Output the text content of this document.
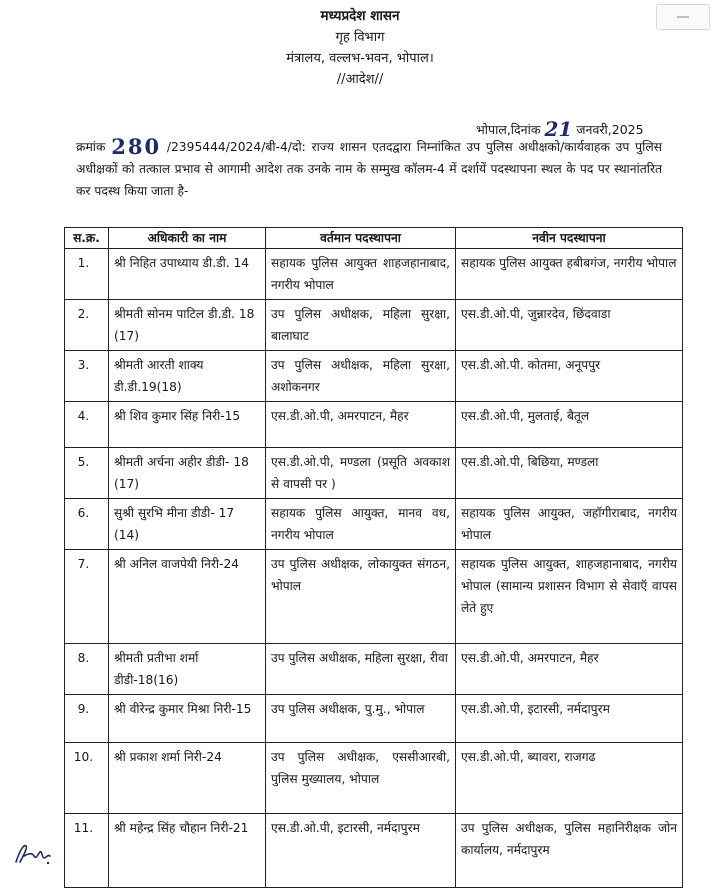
मध्यप्रदेश शासन
गृह विभाग
मंत्रालय, वल्लभ-भवन, भोपाल।
//आदेश//
भोपाल,दिनांक 21 जनवरी,2025
क्रमांक 280 /2395444/2024/बी-4/दो: राज्य शासन एतदद्वारा निम्नांकित उप पुलिस अधीक्षको/कार्यवाहक उप पुलिस अधीक्षकों को तत्काल प्रभाव से आगामी आदेश तक उनके नाम के सम्मुख कॉलम-4 में दर्शायें पदस्थापना स्थल के पद पर स्थानांतरित कर पदस्थ किया जाता है-
स.क्र.	अधिकारी का नाम	वर्तमान पदस्थापना	नवीन पदस्थापना
1.	श्री निहित उपाध्याय डी.डी. 14	सहायक पुलिस आयुक्त शाहजहानाबाद, नगरीय भोपाल	सहायक पुलिस आयुक्त हबीबगंज, नगरीय भोपाल
2.	श्रीमती सोनम पाटिल डी.डी. 18 (17)	उप पुलिस अधीक्षक, महिला सुरक्षा, बालाघाट	एस.डी.ओ.पी, जुन्नारदेव, छिंदवाडा
3.	श्रीमती आरती शाक्य डी.डी.19(18)	उप पुलिस अधीक्षक, महिला सुरक्षा, अशोकनगर	एस.डी.ओ.पी. कोतमा, अनूपपुर
4.	श्री शिव कुमार सिंह निरी-15	एस.डी.ओ.पी, अमरपाटन, मैहर	एस.डी.ओ.पी, मुलताई, बैतूल
5.	श्रीमती अर्चना अहीर डीडी- 18 (17)	एस.डी.ओ.पी, मण्डला (प्रसूति अवकाश से वापसी पर )	एस.डी.ओ.पी, बिछिया, मण्डला
6.	सुश्री सुरभि मीना डीडी- 17 (14)	सहायक पुलिस आयुक्त, मानव वध, नगरीय भोपाल	सहायक पुलिस आयुक्त, जहॉगीराबाद, नगरीय भोपाल
7.	श्री अनिल वाजपेयी निरी-24	उप पुलिस अधीक्षक, लोकायुक्त संगठन, भोपाल	सहायक पुलिस आयुक्त, शाहजहानाबाद, नगरीय भोपाल (सामान्य प्रशासन विभाग से सेवाऍ वापस लेते हुए
8.	श्रीमती प्रतीभा शर्मा डीडी-18(16)	उप पुलिस अधीक्षक, महिला सुरक्षा, रीवा	एस.डी.ओ.पी, अमरपाटन, मैहर
9.	श्री वीरेन्द्र कुमार मिश्रा निरी-15	उप पुलिस अधीक्षक, पु.मु., भोपाल	एस.डी.ओ.पी, इटारसी, नर्मदापुरम
10.	श्री प्रकाश शर्मा निरी-24	उप पुलिस अधीक्षक, एससीआरबी, पुलिस मुख्यालय, भोपाल	एस.डी.ओ.पी, ब्यावरा, राजगढ
11.	श्री महेन्द्र सिंह चौहान निरी-21	एस.डी.ओ.पी, इटारसी, नर्मदापुरम	उप पुलिस अधीक्षक, पुलिस महानिरीक्षक जोन कार्यालय, नर्मदापुरम
